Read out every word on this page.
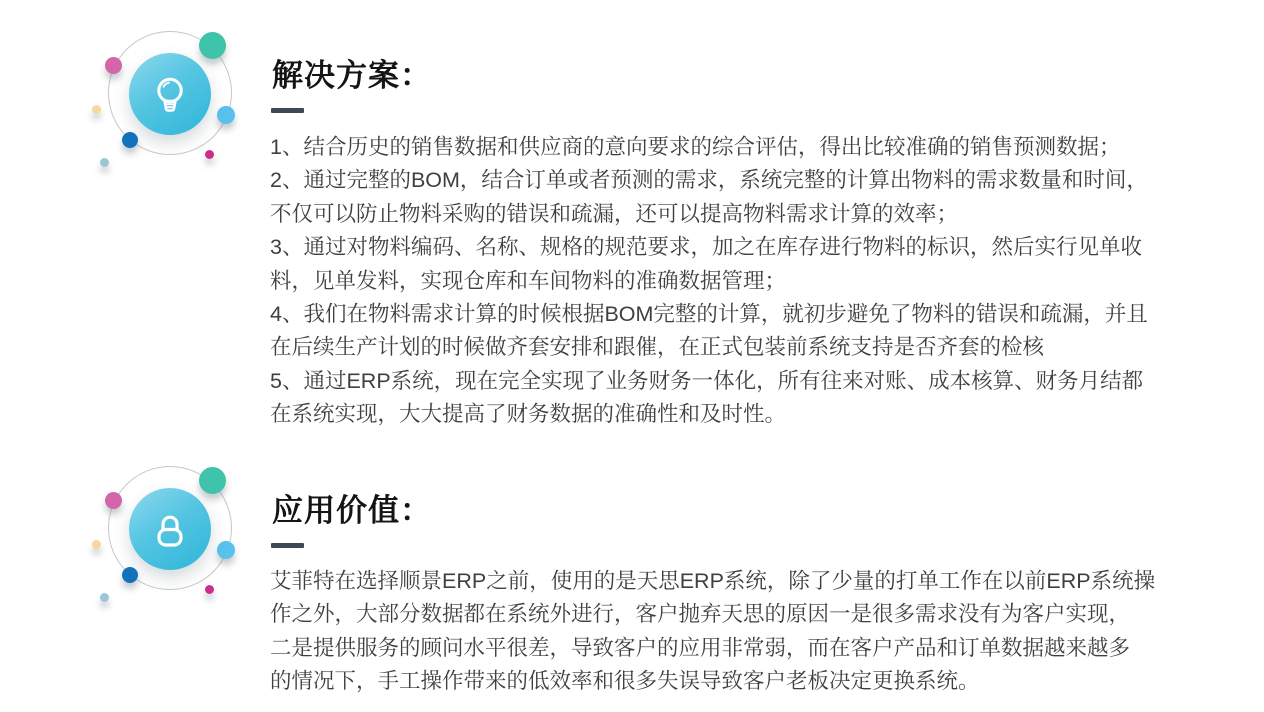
解决方案：
1、结合历史的销售数据和供应商的意向要求的综合评估，得出比较准确的销售预测数据；
2、通过完整的BOM，结合订单或者预测的需求，系统完整的计算出物料的需求数量和时间，
不仅可以防止物料采购的错误和疏漏，还可以提高物料需求计算的效率；
3、通过对物料编码、名称、规格的规范要求，加之在库存进行物料的标识，然后实行见单收
料，见单发料，实现仓库和车间物料的准确数据管理；
4、我们在物料需求计算的时候根据BOM完整的计算，就初步避免了物料的错误和疏漏，并且
在后续生产计划的时候做齐套安排和跟催，在正式包装前系统支持是否齐套的检核
5、通过ERP系统，现在完全实现了业务财务一体化，所有往来对账、成本核算、财务月结都
在系统实现，大大提高了财务数据的准确性和及时性。
应用价值：
艾菲特在选择顺景ERP之前，使用的是天思ERP系统，除了少量的打单工作在以前ERP系统操
作之外，大部分数据都在系统外进行，客户抛弃天思的原因一是很多需求没有为客户实现，
二是提供服务的顾问水平很差，导致客户的应用非常弱，而在客户产品和订单数据越来越多
的情况下，手工操作带来的低效率和很多失误导致客户老板决定更换系统。
